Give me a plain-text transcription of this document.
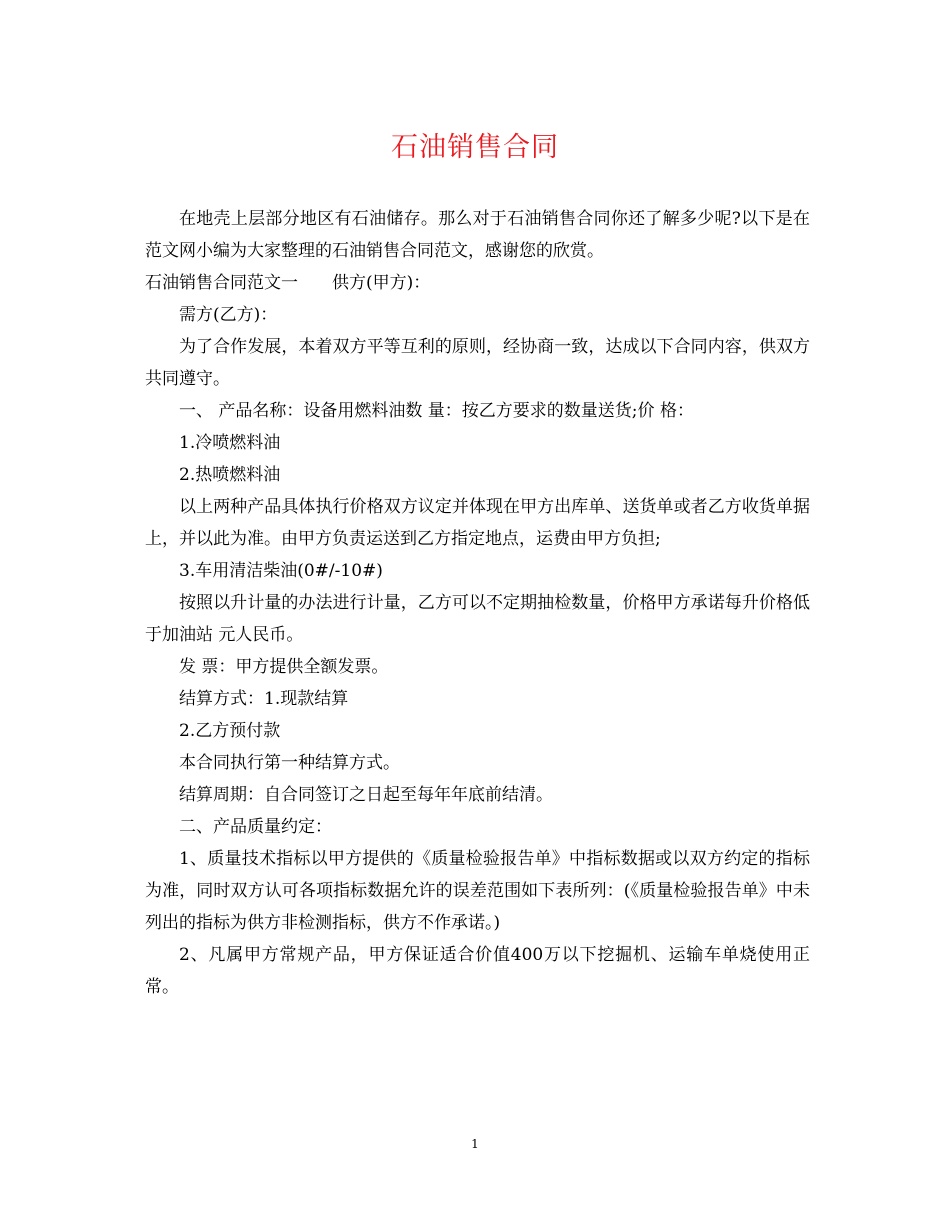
石油销售合同

在地壳上层部分地区有石油储存。那么对于石油销售合同你还了解多少呢?以下是在范文网小编为大家整理的石油销售合同范文，感谢您的欣赏。

石油销售合同范文一　　供方(甲方)：

需方(乙方)：

为了合作发展，本着双方平等互利的原则，经协商一致，达成以下合同内容，供双方共同遵守。

一、 产品名称：设备用燃料油数 量：按乙方要求的数量送货;价 格：

1.冷喷燃料油

2.热喷燃料油

以上两种产品具体执行价格双方议定并体现在甲方出库单、送货单或者乙方收货单据上，并以此为准。由甲方负责运送到乙方指定地点，运费由甲方负担;

3.车用清洁柴油(0#/-10#)

按照以升计量的办法进行计量，乙方可以不定期抽检数量，价格甲方承诺每升价格低于加油站 元人民币。

发 票：甲方提供全额发票。

结算方式：1.现款结算

2.乙方预付款

本合同执行第一种结算方式。

结算周期：自合同签订之日起至每年年底前结清。

二、产品质量约定：

1、质量技术指标以甲方提供的《质量检验报告单》中指标数据或以双方约定的指标为准，同时双方认可各项指标数据允许的误差范围如下表所列：(《质量检验报告单》中未列出的指标为供方非检测指标，供方不作承诺。)

2、凡属甲方常规产品，甲方保证适合价值400万以下挖掘机、运输车单烧使用正常。

1
